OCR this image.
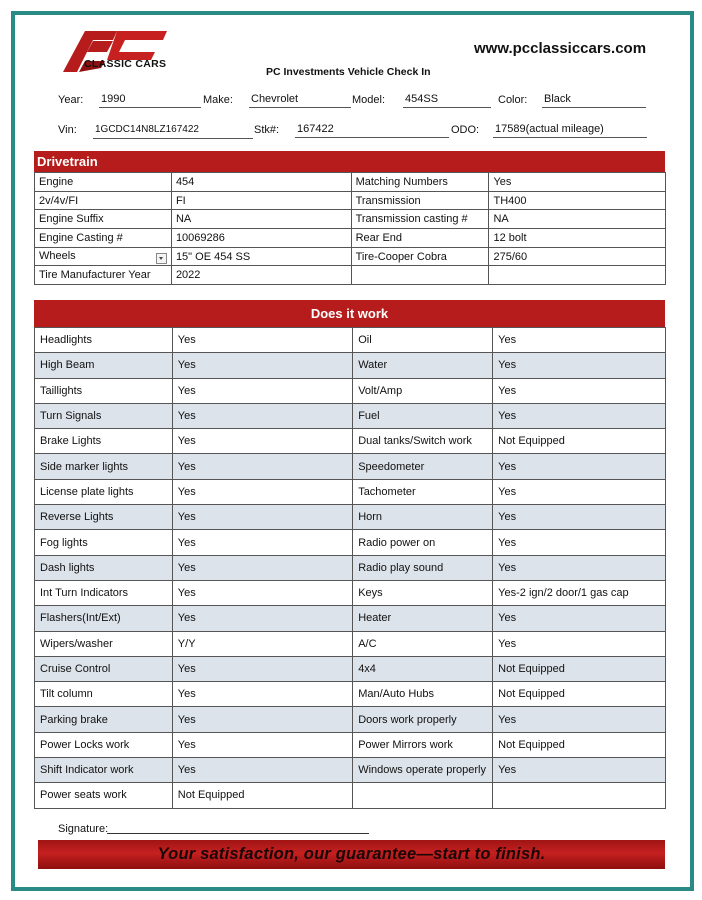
CLASSIC CARS
www.pcclassiccars.com
PC Investments Vehicle Check In
Year: 1990	Make: Chevrolet	Model: 454SS	Color: Black
Vin: 1GCDC14N8LZ167422	Stk#: 167422	ODO: 17589(actual mileage)
Drivetrain
Engine	454	Matching Numbers	Yes
2v/4v/FI	FI	Transmission	TH400
Engine Suffix	NA	Transmission casting #	NA
Engine Casting #	10069286	Rear End	12 bolt
Wheels	15" OE 454 SS	Tire-Cooper Cobra	275/60
Tire Manufacturer Year	2022		
Does it work
Headlights	Yes	Oil	Yes
High Beam	Yes	Water	Yes
Taillights	Yes	Volt/Amp	Yes
Turn Signals	Yes	Fuel	Yes
Brake Lights	Yes	Dual tanks/Switch work	Not Equipped
Side marker lights	Yes	Speedometer	Yes
License plate lights	Yes	Tachometer	Yes
Reverse Lights	Yes	Horn	Yes
Fog lights	Yes	Radio power on	Yes
Dash lights	Yes	Radio play sound	Yes
Int Turn Indicators	Yes	Keys	Yes-2 ign/2 door/1 gas cap
Flashers(Int/Ext)	Yes	Heater	Yes
Wipers/washer	Y/Y	A/C	Yes
Cruise Control	Yes	4x4	Not Equipped
Tilt column	Yes	Man/Auto Hubs	Not Equipped
Parking brake	Yes	Doors work properly	Yes
Power Locks work	Yes	Power Mirrors work	Not Equipped
Shift Indicator work	Yes	Windows operate properly	Yes
Power seats work	Not Equipped		
Signature:
Your satisfaction, our guarantee—start to finish.
